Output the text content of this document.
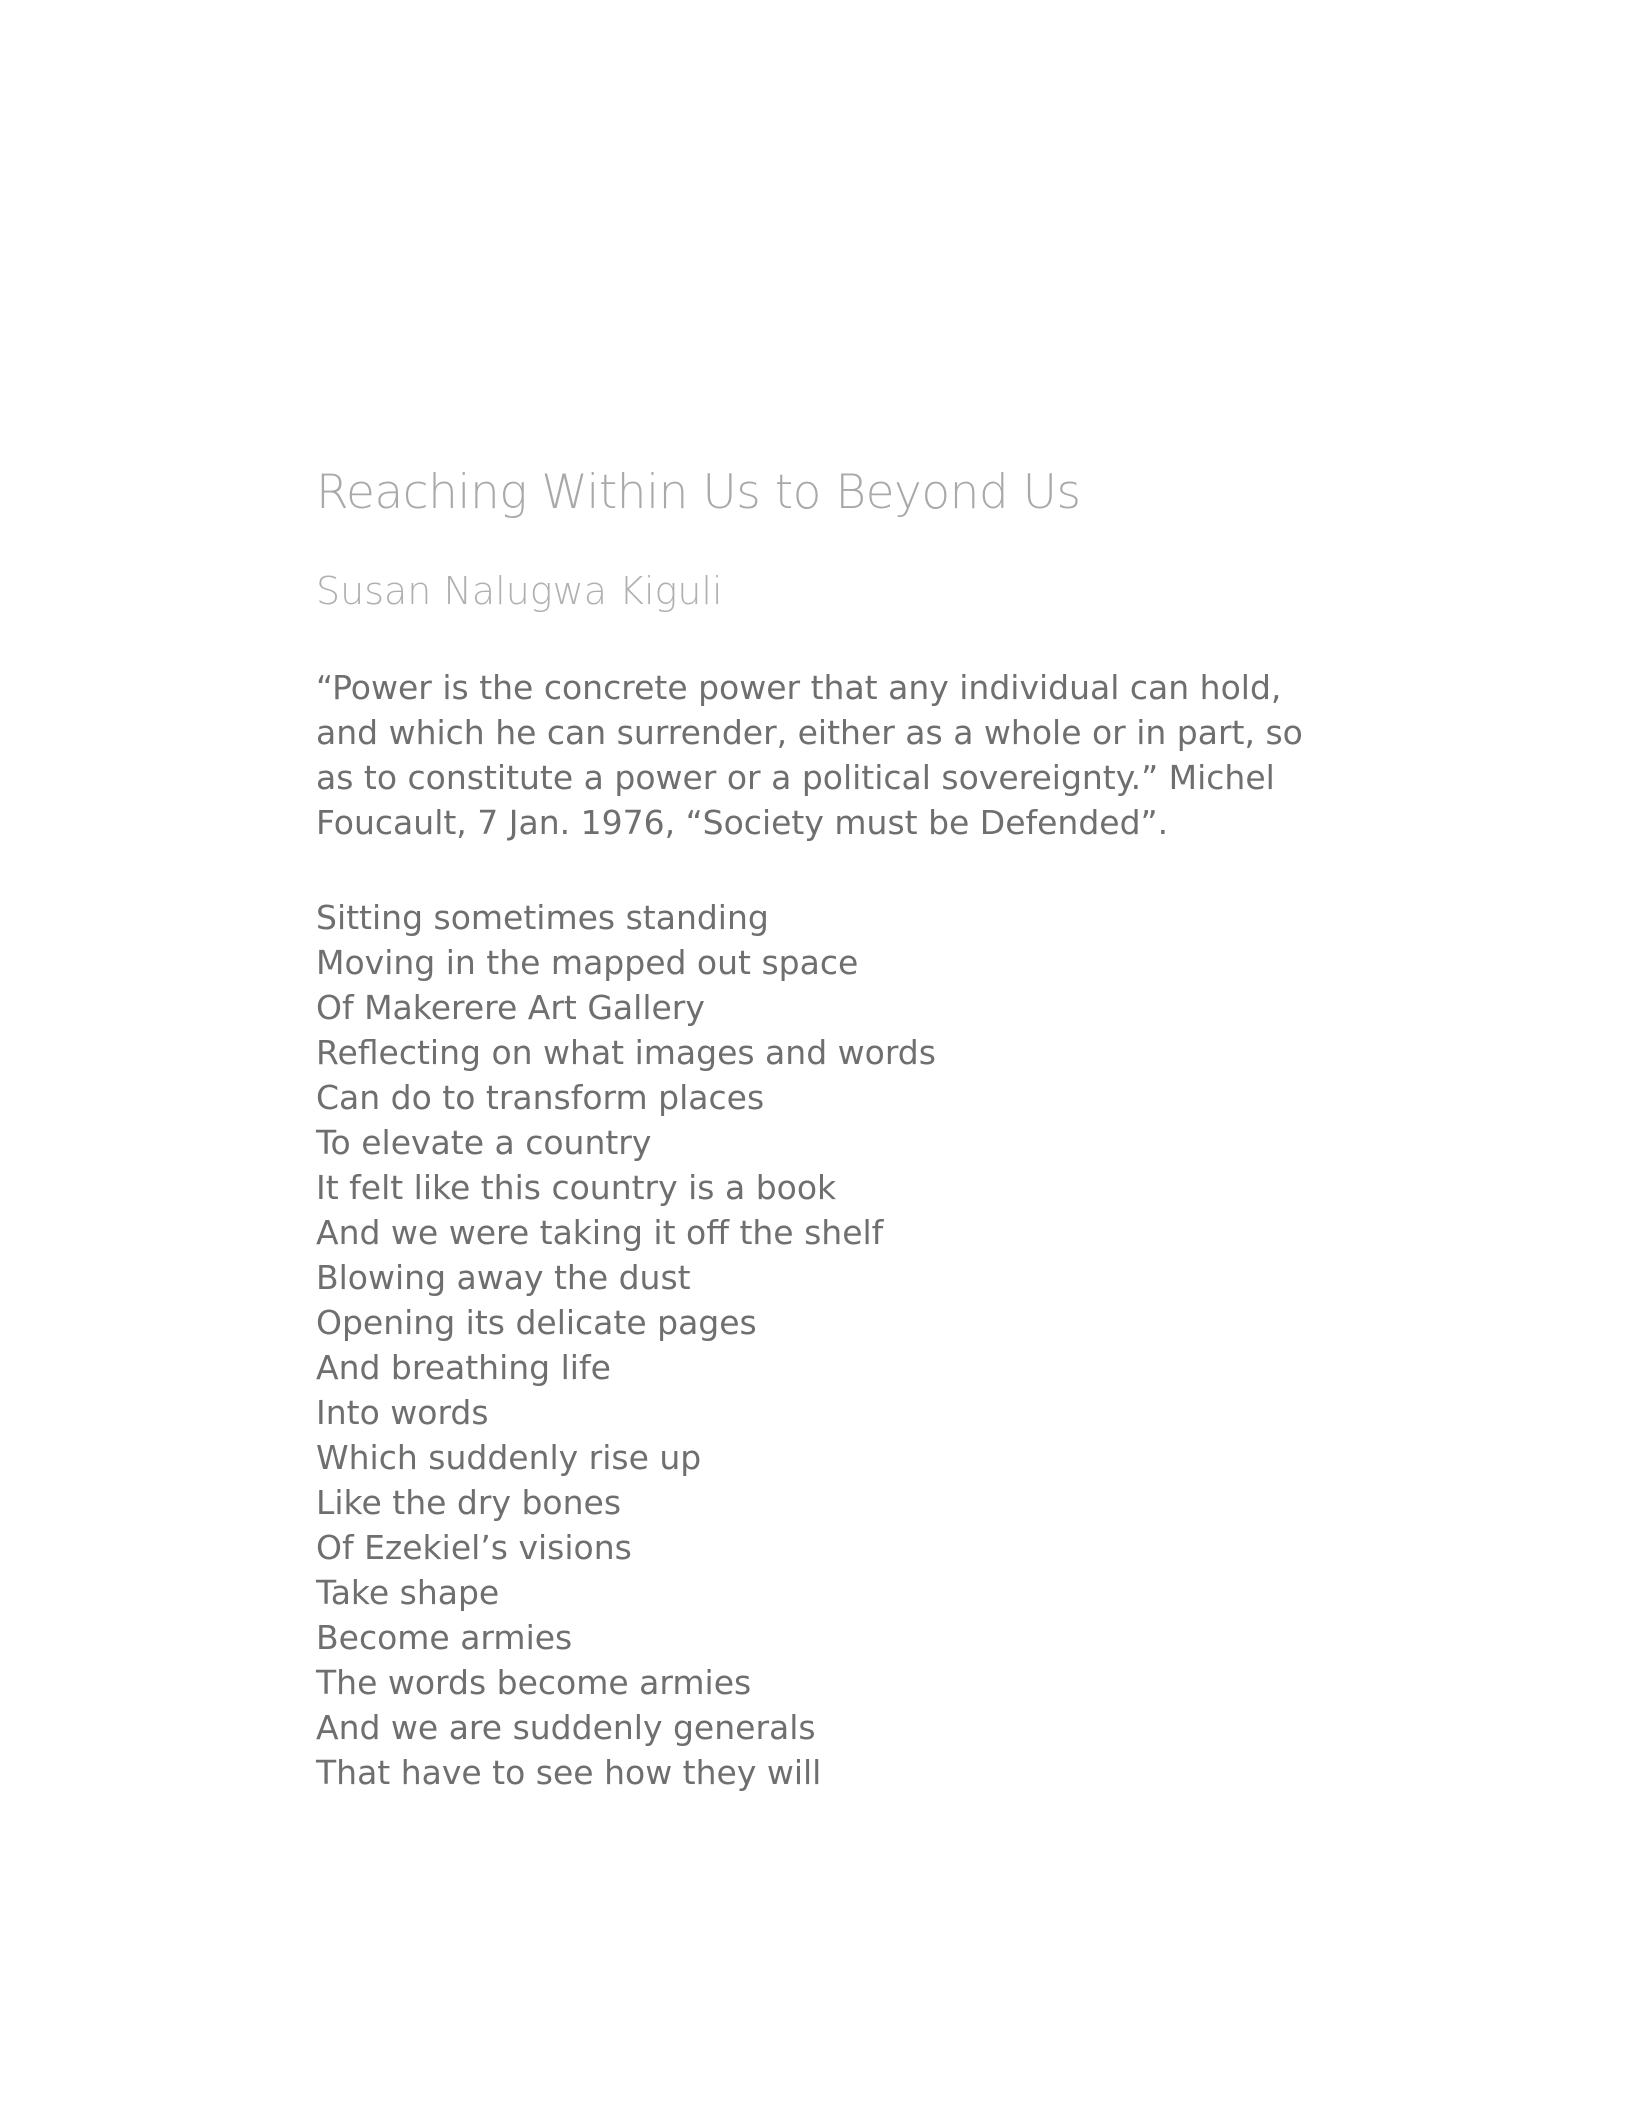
Reaching Within Us to Beyond Us
Susan Nalugwa Kiguli

“Power is the concrete power that any individual can hold, and which he can surrender, either as a whole or in part, so as to constitute a power or a political sovereignty.” Michel Foucault, 7 Jan. 1976, “Society must be Defended”.

Sitting sometimes standing
Moving in the mapped out space
Of Makerere Art Gallery
Reflecting on what images and words
Can do to transform places
To elevate a country
It felt like this country is a book
And we were taking it off the shelf
Blowing away the dust
Opening its delicate pages
And breathing life
Into words
Which suddenly rise up
Like the dry bones
Of Ezekiel’s visions
Take shape
Become armies
The words become armies
And we are suddenly generals
That have to see how they will
